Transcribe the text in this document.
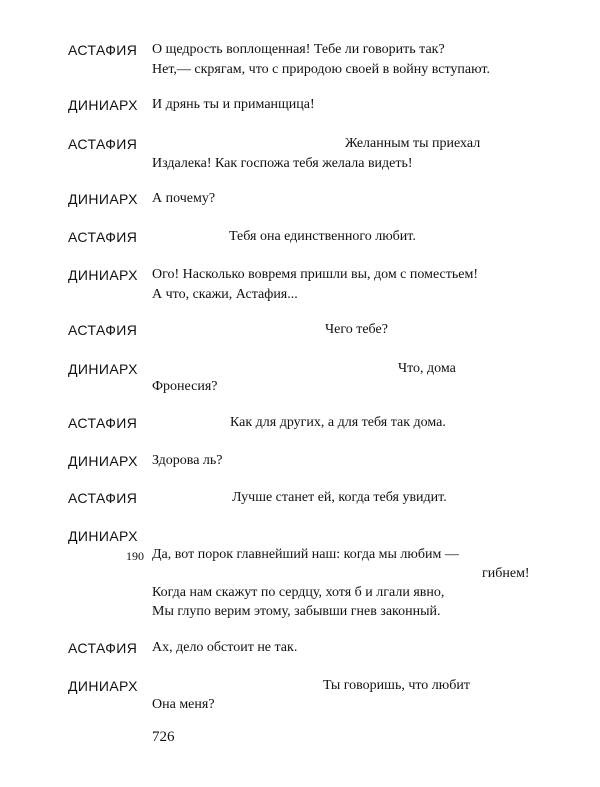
АСТАФИЯ О щедрость воплощенная! Тебе ли говорить так?
Нет,— скрягам, что с природою своей в войну вступают.
ДИНИАРХ И дрянь ты и приманщица!
АСТАФИЯ	Желанным ты приехал
Издалека! Как госпожа тебя желала видеть!
ДИНИАРХ А почему?
АСТАФИЯ	Тебя она единственного любит.
ДИНИАРХ Ого! Насколько вовремя пришли вы, дом с поместьем!
А что, скажи, Астафия...
АСТАФИЯ	Чего тебе?
ДИНИАРХ	Что, дома
Фронесия?
АСТАФИЯ	Как для других, а для тебя так дома.
ДИНИАРХ Здорова ль?
АСТАФИЯ	Лучше станет ей, когда тебя увидит.
ДИНИАРХ
190 Да, вот порок главнейший наш: когда мы любим —
гибнем!
Когда нам скажут по сердцу, хотя б и лгали явно,
Мы глупо верим этому, забывши гнев законный.
АСТАФИЯ Ах, дело обстоит не так.
ДИНИАРХ	Ты говоришь, что любит
Она меня?
726
